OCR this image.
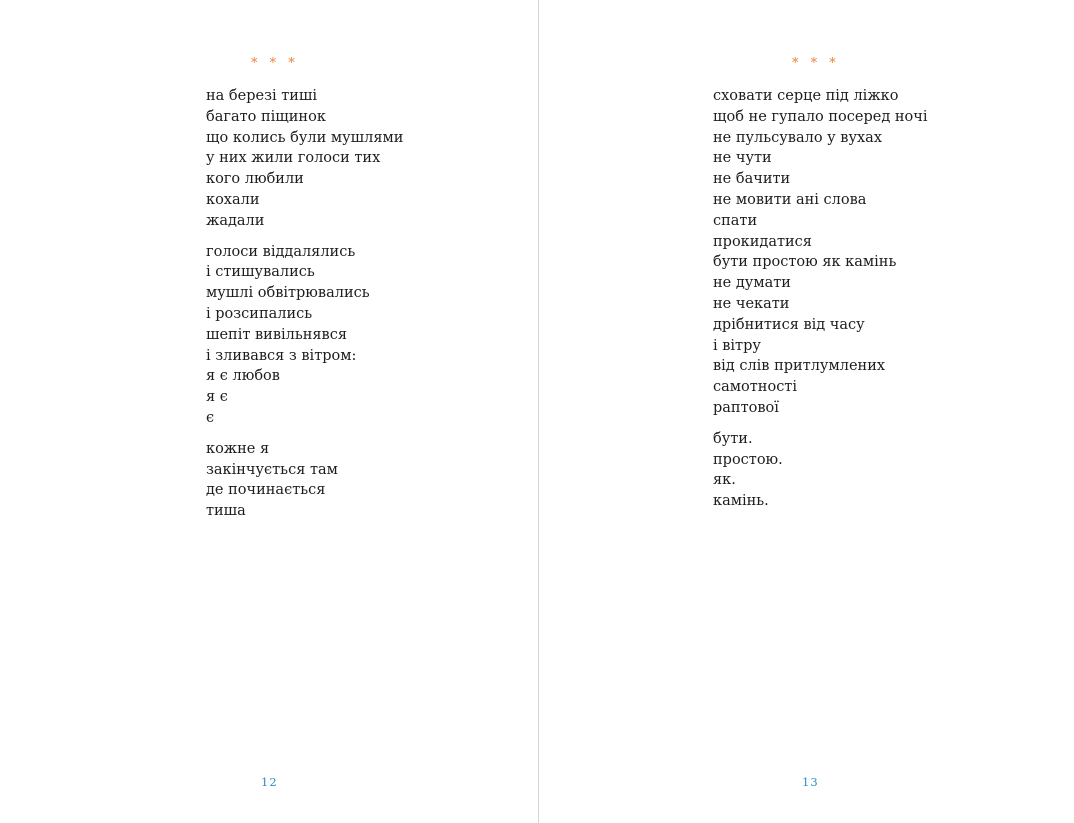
* * *
на березі тиші
багато піщинок
що колись були мушлями
у них жили голоси тих
кого любили
кохали
жадали
голоси віддалялись
і стишувались
мушлі обвітрювались
і розсипались
шепіт вивільнявся
і зливався з вітром:
я є любов
я є
є
кожне я
закінчується там
де починається
тиша
12
* * *
сховати серце під ліжко
щоб не гупало посеред ночі
не пульсувало у вухах
не чути
не бачити
не мовити ані слова
спати
прокидатися
бути простою як камінь
не думати
не чекати
дрібнитися від часу
і вітру
від слів притлумлених
самотності
раптової
бути.
простою.
як.
камінь.
13
